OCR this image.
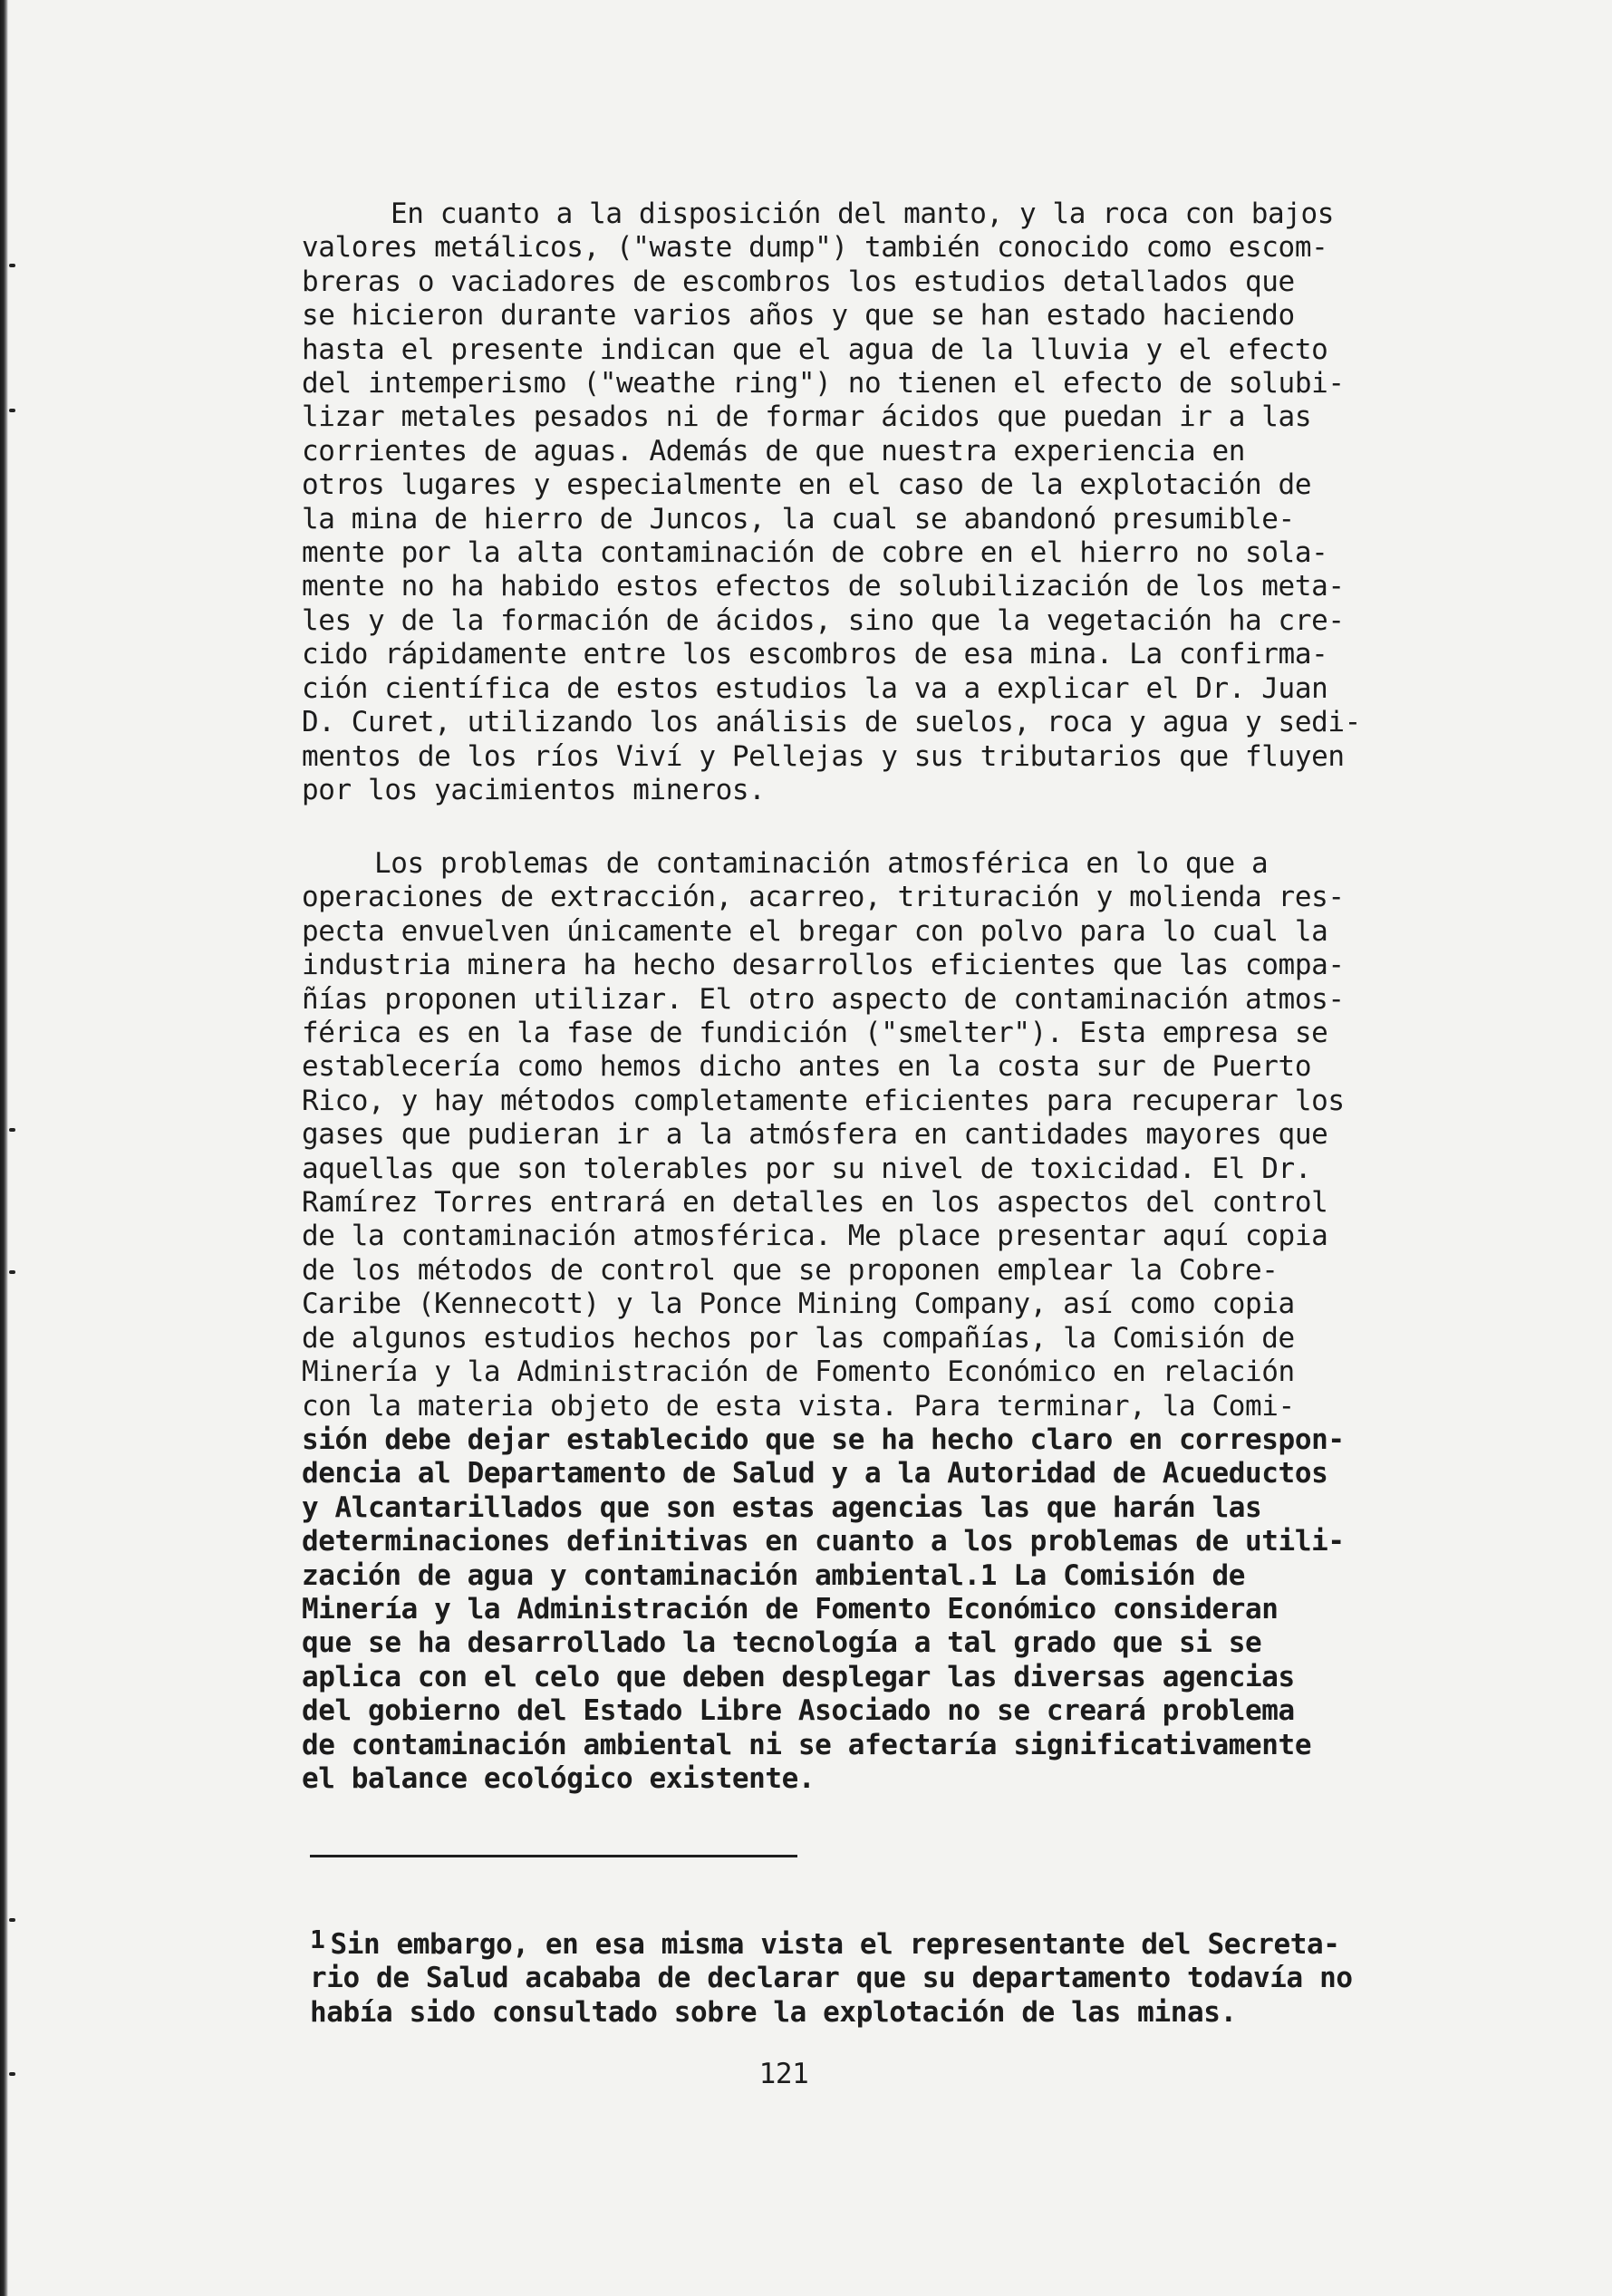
En cuanto a la disposición del manto, y la roca con bajos
valores metálicos, ("waste dump") también conocido como escom-
breras o vaciadores de escombros los estudios detallados que
se hicieron durante varios años y que se han estado haciendo
hasta el presente indican que el agua de la lluvia y el efecto
del intemperismo ("weathe ring") no tienen el efecto de solubi-
lizar metales pesados ni de formar ácidos que puedan ir a las
corrientes de aguas. Además de que nuestra experiencia en
otros lugares y especialmente en el caso de la explotación de
la mina de hierro de Juncos, la cual se abandonó presumible-
mente por la alta contaminación de cobre en el hierro no sola-
mente no ha habido estos efectos de solubilización de los meta-
les y de la formación de ácidos, sino que la vegetación ha cre-
cido rápidamente entre los escombros de esa mina. La confirma-
ción científica de estos estudios la va a explicar el Dr. Juan
D. Curet, utilizando los análisis de suelos, roca y agua y sedi-
mentos de los ríos Viví y Pellejas y sus tributarios que fluyen
por los yacimientos mineros.
Los problemas de contaminación atmosférica en lo que a
operaciones de extracción, acarreo, trituración y molienda res-
pecta envuelven únicamente el bregar con polvo para lo cual la
industria minera ha hecho desarrollos eficientes que las compa-
ñías proponen utilizar. El otro aspecto de contaminación atmos-
férica es en la fase de fundición ("smelter"). Esta empresa se
establecería como hemos dicho antes en la costa sur de Puerto
Rico, y hay métodos completamente eficientes para recuperar los
gases que pudieran ir a la atmósfera en cantidades mayores que
aquellas que son tolerables por su nivel de toxicidad. El Dr.
Ramírez Torres entrará en detalles en los aspectos del control
de la contaminación atmosférica. Me place presentar aquí copia
de los métodos de control que se proponen emplear la Cobre-
Caribe (Kennecott) y la Ponce Mining Company, así como copia
de algunos estudios hechos por las compañías, la Comisión de
Minería y la Administración de Fomento Económico en relación
con la materia objeto de esta vista. Para terminar, la Comi-
sión debe dejar establecido que se ha hecho claro en correspon-
dencia al Departamento de Salud y a la Autoridad de Acueductos
y Alcantarillados que son estas agencias las que harán las
determinaciones definitivas en cuanto a los problemas de utili-
zación de agua y contaminación ambiental.1 La Comisión de
Minería y la Administración de Fomento Económico consideran
que se ha desarrollado la tecnología a tal grado que si se
aplica con el celo que deben desplegar las diversas agencias
del gobierno del Estado Libre Asociado no se creará problema
de contaminación ambiental ni se afectaría significativamente
el balance ecológico existente.
1 Sin embargo, en esa misma vista el representante del Secreta-
rio de Salud acababa de declarar que su departamento todavía no
había sido consultado sobre la explotación de las minas.

121
